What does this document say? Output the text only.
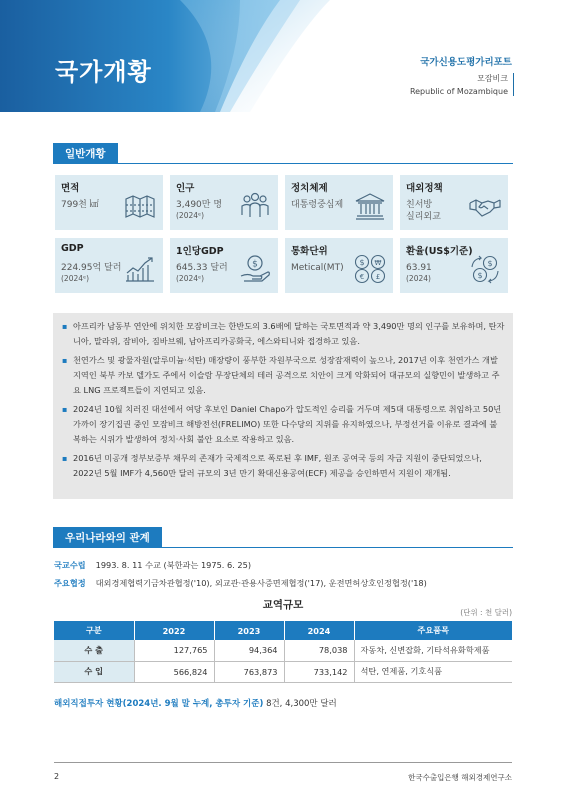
국가개황	국가신용도평가리포트
모잠비크
Republic of Mozambique
일반개황
면적
799천 ㎢
인구
3,490만 명
(2024ᵉ)
정치체제
대통령중심제
대외정책
친서방
실리외교
GDP
224.95억 달러
(2024ᵉ)
1인당GDP
645.33 달러
(2024ᵉ)
$
통화단위
Metical(MT)
$ ₩
€ £
환율(US$기준)
63.91
(2024)
$
$
▪ 아프리카 남동부 연안에 위치한 모잠비크는 한반도의 3.6배에 달하는 국토면적과 약 3,490만 명의 인구를 보유하며, 탄자니아, 말라위, 잠비아, 짐바브웨, 남아프리카공화국, 에스와티니와 접경하고 있음.
▪ 천연가스 및 광물자원(알루미늄·석탄) 매장량이 풍부한 자원부국으로 성장잠재력이 높으나, 2017년 이후 천연가스 개발지역인 북부 카보 델가도 주에서 이슬람 무장단체의 테러 공격으로 치안이 크게 악화되어 대규모의 실향민이 발생하고 주요 LNG 프로젝트들이 지연되고 있음.
▪ 2024년 10월 치러진 대선에서 여당 후보인 Daniel Chapo가 압도적인 승리를 거두며 제5대 대통령으로 취임하고 50년 가까이 장기집권 중인 모잠비크 해방전선(FRELIMO) 또한 다수당의 지위를 유지하였으나, 부정선거를 이유로 결과에 불복하는 시위가 발생하여 정치·사회 불안 요소로 작용하고 있음.
▪ 2016년 미공개 정부보증부 채무의 존재가 국제적으로 폭로된 후 IMF, 원조 공여국 등의 자금 지원이 중단되었으나, 2022년 5월 IMF가 4,560만 달러 규모의 3년 만기 확대신용공여(ECF) 제공을 승인하면서 지원이 재개됨.
우리나라와의 관계
국교수립 1993. 8. 11 수교 (북한과는 1975. 6. 25)
주요협정 대외경제협력기금차관협정('10), 외교관·관용사증면제협정('17), 운전면허상호인정협정('18)
교역규모
(단위 : 천 달러)
구분	2022	2023	2024	주요품목
수 출	127,765	94,364	78,038	자동차, 신변잡화, 기타석유화학제품
수 입	566,824	763,873	733,142	석탄, 연제품, 기호식품
해외직접투자 현황(2024년. 9월 말 누계, 총투자 기준) 8건, 4,300만 달러
2	한국수출입은행 해외경제연구소
